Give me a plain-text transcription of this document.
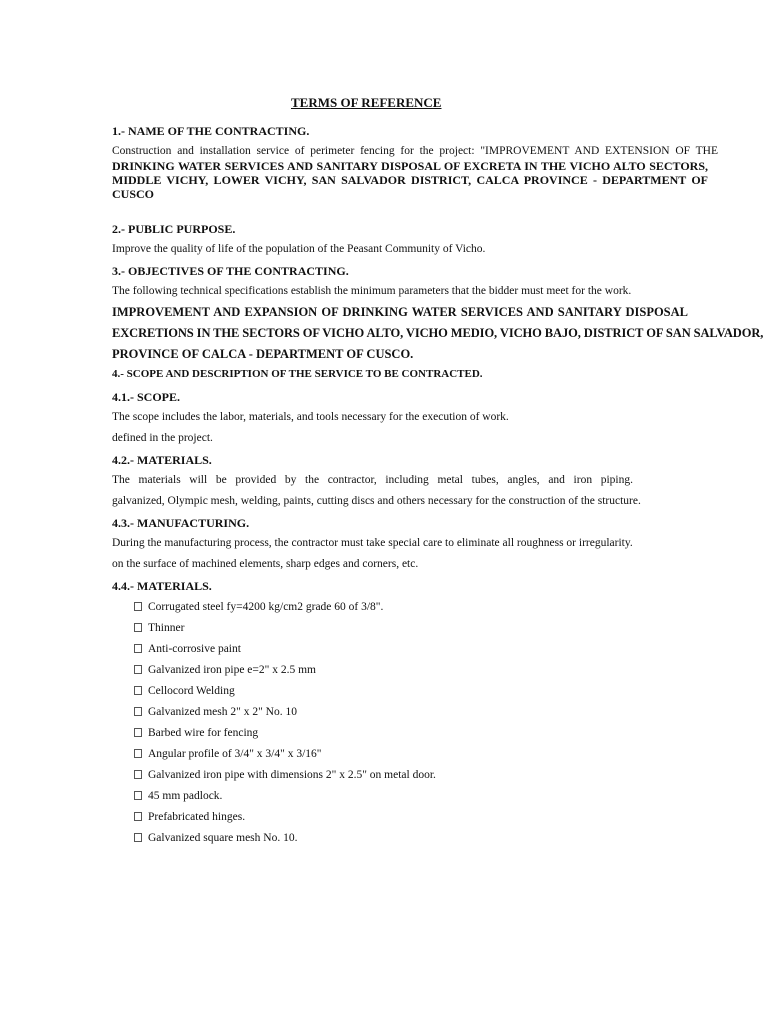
TERMS OF REFERENCE
1.- NAME OF THE CONTRACTING.
Construction and installation service of perimeter fencing for the project: "IMPROVEMENT AND EXTENSION OF THE
DRINKING WATER SERVICES AND SANITARY DISPOSAL OF EXCRETA IN THE VICHO ALTO SECTORS,
MIDDLE VICHY, LOWER VICHY, SAN SALVADOR DISTRICT, CALCA PROVINCE - DEPARTMENT OF
CUSCO
2.- PUBLIC PURPOSE.
Improve the quality of life of the population of the Peasant Community of Vicho.
3.- OBJECTIVES OF THE CONTRACTING.
The following technical specifications establish the minimum parameters that the bidder must meet for the work.
IMPROVEMENT AND EXPANSION OF DRINKING WATER SERVICES AND SANITARY DISPOSAL
EXCRETIONS IN THE SECTORS OF VICHO ALTO, VICHO MEDIO, VICHO BAJO, DISTRICT OF SAN SALVADOR,
PROVINCE OF CALCA - DEPARTMENT OF CUSCO.
4.- SCOPE AND DESCRIPTION OF THE SERVICE TO BE CONTRACTED.
4.1.- SCOPE.
The scope includes the labor, materials, and tools necessary for the execution of work.
defined in the project.
4.2.- MATERIALS.
The materials will be provided by the contractor, including metal tubes, angles, and iron piping.
galvanized, Olympic mesh, welding, paints, cutting discs and others necessary for the construction of the structure.
4.3.- MANUFACTURING.
During the manufacturing process, the contractor must take special care to eliminate all roughness or irregularity.
on the surface of machined elements, sharp edges and corners, etc.
4.4.- MATERIALS.
Corrugated steel fy=4200 kg/cm2 grade 60 of 3/8".
Thinner
Anti-corrosive paint
Galvanized iron pipe e=2" x 2.5 mm
Cellocord Welding
Galvanized mesh 2" x 2" No. 10
Barbed wire for fencing
Angular profile of 3/4" x 3/4" x 3/16"
Galvanized iron pipe with dimensions 2" x 2.5" on metal door.
45 mm padlock.
Prefabricated hinges.
Galvanized square mesh No. 10.
